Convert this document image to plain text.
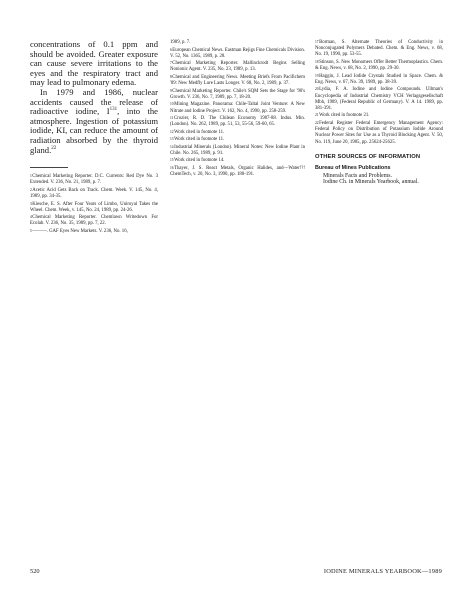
concentrations of 0.1 ppm and should be avoided. Greater exposure can cause severe irritations to the eyes and the respiratory tract and may lead to pulmonary edema.

In 1979 and 1986, nuclear accidents caused the release of radioactive iodine, $I^{131}$, into the atmosphere. Ingestion of potassium iodide, KI, can reduce the amount of radiation absorbed by the thyroid gland.$^{22}$

$^1$Chemical Marketing Reporter. D.C. Currents: Red Dye No. 3 Extended. V. 236, No. 21, 1989, p. 7.

$^2$Acetic Acid Gets Back on Track. Chem. Week. V. 145, No. 4, 1989, pp. 34-35.

$^3$Kiesche, E. S. After Four Years of Limbo, Uniroyal Takes the Wheel. Chem. Week, v. 145, No. 24, 1989, pp. 24-26.

$^4$Chemical Marketing Reporter. Chemlawn Writedown For Ecolab. V. 236, No. 35, 1989, pp. 7, 22.

$^5$———. GAF Eyes New Markets. V. 236, No. 16,

1989, p. 7.

$^6$European Chemical News. Eastman Rejigs Fine Chemicals Division. V. 52, No. 1365, 1989, p. 28.

$^7$Chemical Marketing Reporter. Mallinckrodt Begins Selling Nonionic Agent. V. 235, No. 23, 1989, p. 13.

$^8$Chemical and Engineering News. Meeting Briefs From Pacifichem '89: New Medfly Lure Lasts Longer. V. 68, No. 2, 1989, p. 37.

$^9$Chemical Marketing Reporter. Chile's SQM Sets the Stage for '90's Growth. V. 236, No. 7, 1989, pp. 7, 18-20.

$^{10}$Mining Magazine. Panorama: Chile-Taltal Joint Venture: A New Nitrate and Iodine Project. V. 162, No. 4, 1990, pp. 258-259.

$^{11}$Crozier, R. D. The Chilean Economy 1987-88. Indus. Min. (London). No. 262, 1989, pp. 51, 53, 55-56, 59-60, 65.

$^{12}$Work cited in footnote 11.

$^{13}$Work cited in footnote 11.

$^{14}$Industrial Minerals (London). Mineral Notes: New Iodine Plant in Chile. No. 265, 1989, p. 91.

$^{15}$Work cited in footnote 14.

$^{16}$Thayer, J. S. React Metals, Organic Halides, and—Water!?! ChemTech, v. 20, No. 3, 1990, pp. 188-191.

$^{17}$Borman, S. Alternate Theories of Conductivity in Nonconjugated Polymers Debated. Chem. & Eng. News, v. 68, No. 19, 1990, pp. 53-55.

$^{18}$Stinson, S. New Monomers Offer Better Thermoplastics. Chem. & Eng. News, v. 68, No. 2, 1990, pp. 29-30.

$^{19}$Haggin, J. Lead Iodide Crystals Studied in Space. Chem. & Eng. News, v. 67, No. 39, 1989, pp. 38-39.

$^{20}$Lydia, F. A. Iodine and Iodine Compounds. Ullman's Encyclopedia of Industrial Chemistry VCH Verlagsgesellschaft Mbh, 1989, (Federal Republic of Germany). V. A 14. 1989, pp. 381-391.

$^{21}$Work cited in footnote 21.

$^{22}$Federal Register Federal Emergency Management Agency: Federal Policy on Distribution of Potassium Iodide Around Nuclear Power Sites for Use as a Thyroid Blocking Agent. V. 50, No. 119, June 20, 1985, pp. 25624-25625.

OTHER SOURCES OF INFORMATION
Bureau of Mines Publications
Minerals Facts and Problems.
Iodine Ch. in Minerals Yearbook, annual.
520	IODINE MINERALS YEARBOOK—1989
